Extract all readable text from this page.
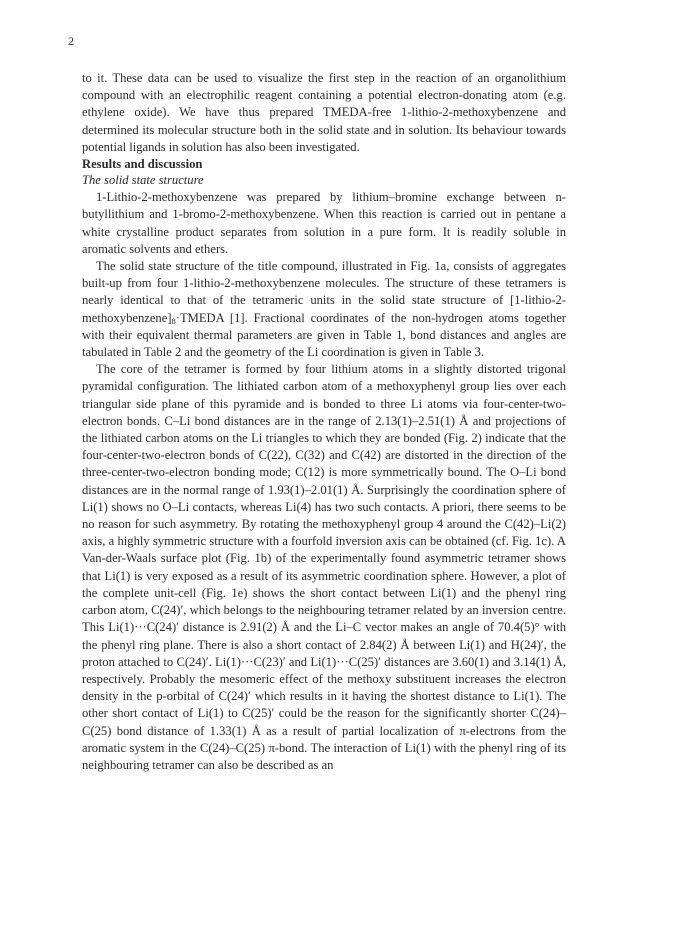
2

to it. These data can be used to visualize the first step in the reaction of an organolithium compound with an electrophilic reagent containing a potential electron-donating atom (e.g. ethylene oxide). We have thus prepared TMEDA-free 1-lithio-2-methoxybenzene and determined its molecular structure both in the solid state and in solution. Its behaviour towards potential ligands in solution has also been investigated.

Results and discussion

The solid state structure

1-Lithio-2-methoxybenzene was prepared by lithium–bromine exchange between n-butyllithium and 1-bromo-2-methoxybenzene. When this reaction is carried out in pentane a white crystalline product separates from solution in a pure form. It is readily soluble in aromatic solvents and ethers.

The solid state structure of the title compound, illustrated in Fig. 1a, consists of aggregates built-up from four 1-lithio-2-methoxybenzene molecules. The structure of these tetramers is nearly identical to that of the tetrameric units in the solid state structure of $[1-lithio-2-methoxybenzene]_8\cdot TMEDA$ [1]. Fractional coordinates of the non-hydrogen atoms together with their equivalent thermal parameters are given in Table 1, bond distances and angles are tabulated in Table 2 and the geometry of the Li coordination is given in Table 3.

The core of the tetramer is formed by four lithium atoms in a slightly distorted trigonal pyramidal configuration. The lithiated carbon atom of a methoxyphenyl group lies over each triangular side plane of this pyramide and is bonded to three Li atoms via four-center-two-electron bonds. C–Li bond distances are in the range of 2.13(1)–2.51(1) Å and projections of the lithiated carbon atoms on the Li triangles to which they are bonded (Fig. 2) indicate that the four-center-two-electron bonds of C(22), C(32) and C(42) are distorted in the direction of the three-center-two-electron bonding mode; C(12) is more symmetrically bound. The O–Li bond distances are in the normal range of 1.93(1)–2.01(1) Å. Surprisingly the coordination sphere of Li(1) shows no O–Li contacts, whereas Li(4) has two such contacts. A priori, there seems to be no reason for such asymmetry. By rotating the methoxyphenyl group 4 around the C(42)–Li(2) axis, a highly symmetric structure with a fourfold inversion axis can be obtained (cf. Fig. 1c). A Van-der-Waals surface plot (Fig. 1b) of the experimentally found asymmetric tetramer shows that Li(1) is very exposed as a result of its asymmetric coordination sphere. However, a plot of the complete unit-cell (Fig. 1e) shows the short contact between Li(1) and the phenyl ring carbon atom, C(24)′, which belongs to the neighbouring tetramer related by an inversion centre. This Li(1)···C(24)′ distance is 2.91(2) Å and the Li–C vector makes an angle of 70.4(5)° with the phenyl ring plane. There is also a short contact of 2.84(2) Å between Li(1) and H(24)′, the proton attached to C(24)′. Li(1)···C(23)′ and Li(1)···C(25)′ distances are 3.60(1) and 3.14(1) Å, respectively. Probably the mesomeric effect of the methoxy substituent increases the electron density in the p-orbital of C(24)′ which results in it having the shortest distance to Li(1). The other short contact of Li(1) to C(25)′ could be the reason for the significantly shorter C(24)–C(25) bond distance of 1.33(1) Å as a result of partial localization of π-electrons from the aromatic system in the C(24)–C(25) π-bond. The interaction of Li(1) with the phenyl ring of its neighbouring tetramer can also be described as an
